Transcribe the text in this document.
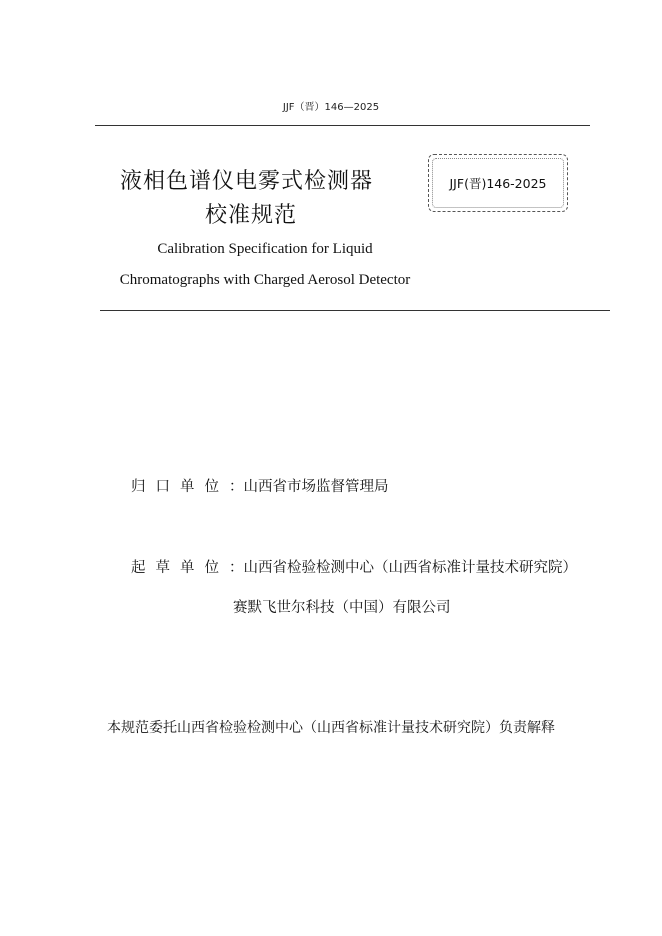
JJF（晋）146—2025
液相色谱仪电雾式检测器
校准规范
JJF(晋)146-2025
Calibration Specification for Liquid
Chromatographs with Charged Aerosol Detector
归口单位：山西省市场监督管理局
起草单位：山西省检验检测中心（山西省标准计量技术研究院）
赛默飞世尔科技（中国）有限公司
本规范委托山西省检验检测中心（山西省标准计量技术研究院）负责解释
